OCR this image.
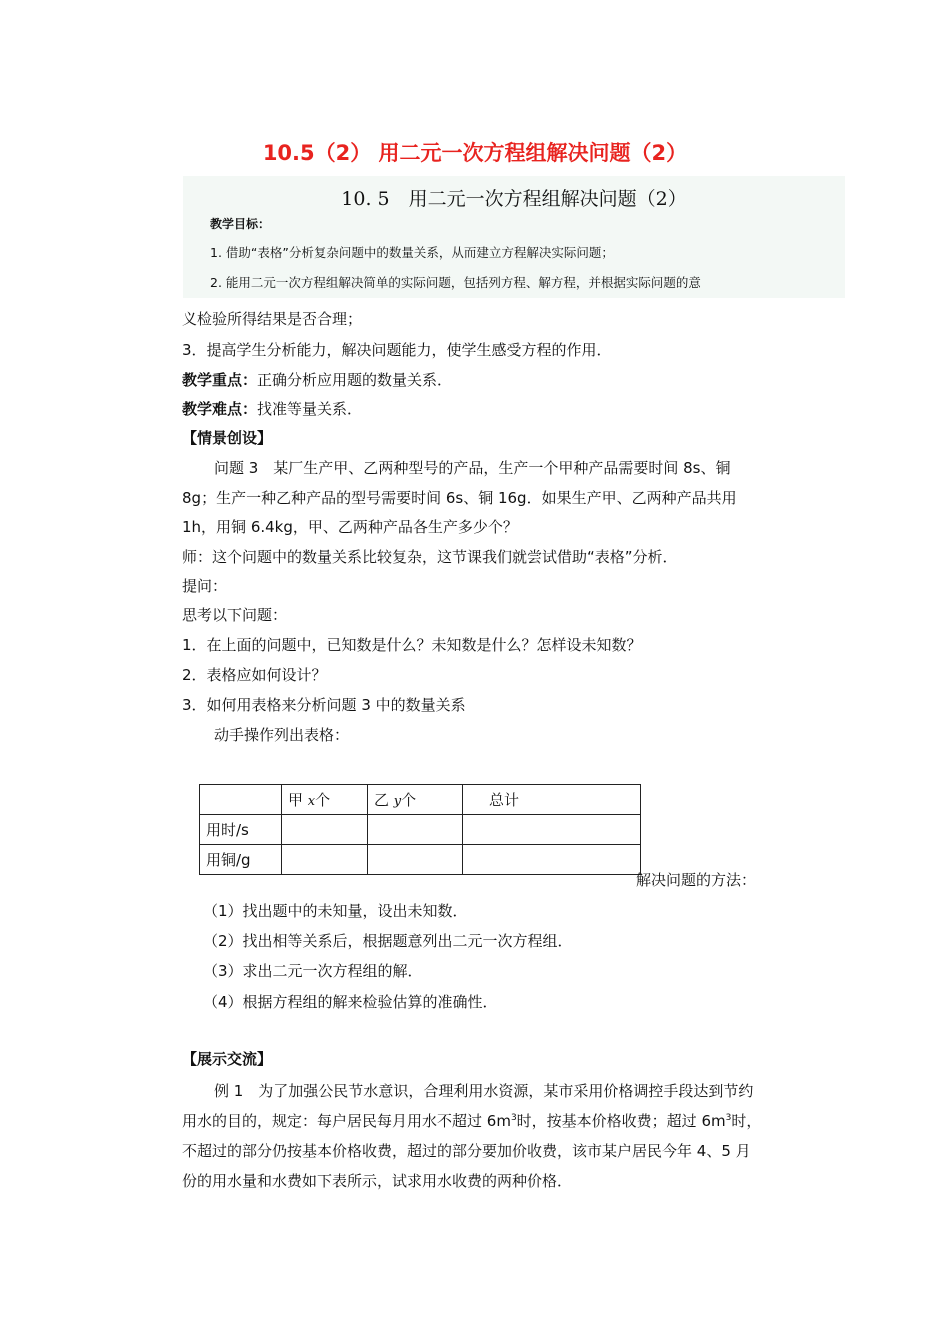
10.5（2） 用二元一次方程组解决问题（2）
10. 5　用二元一次方程组解决问题（2）
教学目标：
1. 借助“表格”分析复杂问题中的数量关系，从而建立方程解决实际问题；
2. 能用二元一次方程组解决简单的实际问题，包括列方程、解方程，并根据实际问题的意
义检验所得结果是否合理；
3．提高学生分析能力，解决问题能力，使学生感受方程的作用．
教学重点：正确分析应用题的数量关系．
教学难点：找准等量关系．
【情景创设】
问题 3　某厂生产甲、乙两种型号的产品，生产一个甲种产品需要时间 8s、铜
8g；生产一种乙种产品的型号需要时间 6s、铜 16g．如果生产甲、乙两种产品共用
1h，用铜 6.4kg，甲、乙两种产品各生产多少个？
师：这个问题中的数量关系比较复杂，这节课我们就尝试借助“表格”分析．
提问：
思考以下问题：
1．在上面的问题中，已知数是什么？未知数是什么？怎样设未知数？
2．表格应如何设计？
3．如何用表格来分析问题 3 中的数量关系
动手操作列出表格：
	甲 x个	乙 y个	总计
用时/s			
用铜/g			
解决问题的方法：
（1）找出题中的未知量，设出未知数．
（2）找出相等关系后，根据题意列出二元一次方程组．
（3）求出二元一次方程组的解．
（4）根据方程组的解来检验估算的准确性．
【展示交流】
例 1　为了加强公民节水意识，合理利用水资源，某市采用价格调控手段达到节约
用水的目的，规定：每户居民每月用水不超过 $6m^3$时，按基本价格收费；超过 $6m^3$时，
不超过的部分仍按基本价格收费，超过的部分要加价收费，该市某户居民今年 4、5 月
份的用水量和水费如下表所示，试求用水收费的两种价格．
